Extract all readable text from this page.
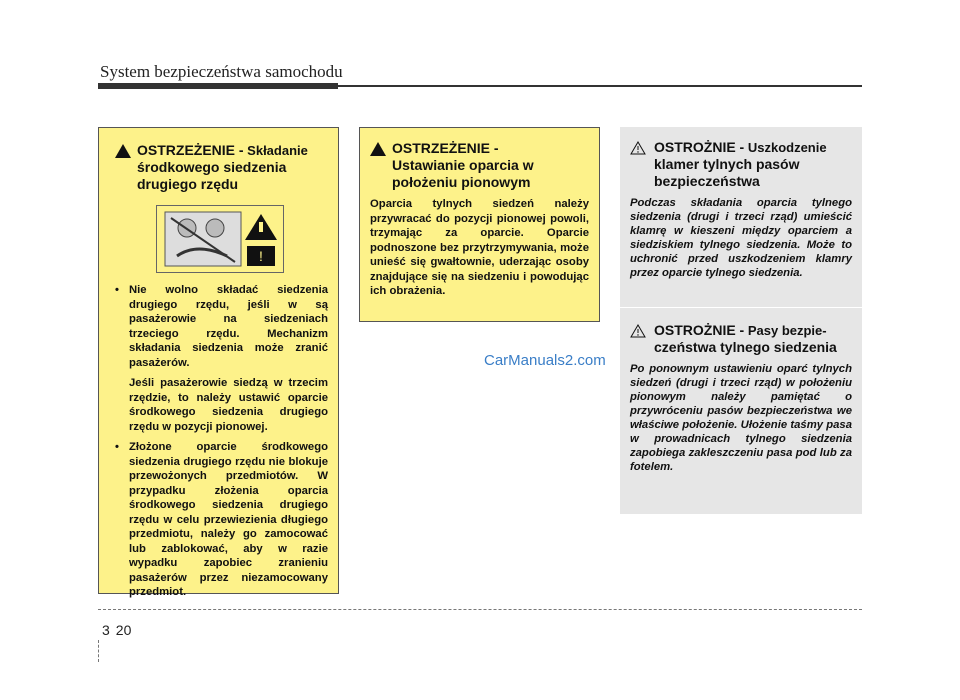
System bezpieczeństwa samochodu
OSTRZEŻENIE - Składanie
środkowego siedzenia
drugiego rzędu
!
• Nie wolno składać siedzenia drugiego rzędu, jeśli w są pasażerowie na siedzeniach trzeciego rzędu. Mechanizm składania siedzenia może zranić pasażerów.
Jeśli pasażerowie siedzą w trzecim rzędzie, to należy ustawić oparcie środkowego siedzenia drugiego rzędu w pozycji pionowej.
• Złożone oparcie środkowego siedzenia drugiego rzędu nie blokuje przewożonych przedmiotów. W przypadku złożenia oparcia środkowego siedzenia drugiego rzędu w celu przewiezienia długiego przedmiotu, należy go zamocować lub zablokować, aby w razie wypadku zapobiec zranieniu pasażerów przez niezamocowany przedmiot.
OSTRZEŻENIE -
Ustawianie oparcia w położeniu pionowym
Oparcia tylnych siedzeń należy przywracać do pozycji pionowej powoli, trzymając za oparcie. Oparcie podnoszone bez przytrzymywania, może unieść się gwałtownie, uderzając osoby znajdujące się na siedzeniu i powodując ich obrażenia.
OSTROŻNIE - Uszkodzenie
klamer tylnych pasów bezpieczeństwa
Podczas składania oparcia tylnego siedzenia (drugi i trzeci rząd) umieścić klamrę w kieszeni między oparciem a siedziskiem tylnego siedzenia. Może to uchronić przed uszkodzeniem klamry przez oparcie tylnego siedzenia.
OSTROŻNIE - Pasy bezpie-
czeństwa tylnego siedzenia
Po ponownym ustawieniu oparć tylnych siedzeń (drugi i trzeci rząd) w położeniu pionowym należy pamiętać o przywróceniu pasów bezpieczeństwa we właściwe położenie. Ułożenie taśmy pasa w prowadnicach tylnego siedzenia zapobiega zakleszczeniu pasa pod lub za fotelem.
CarManuals2.com
3 20
